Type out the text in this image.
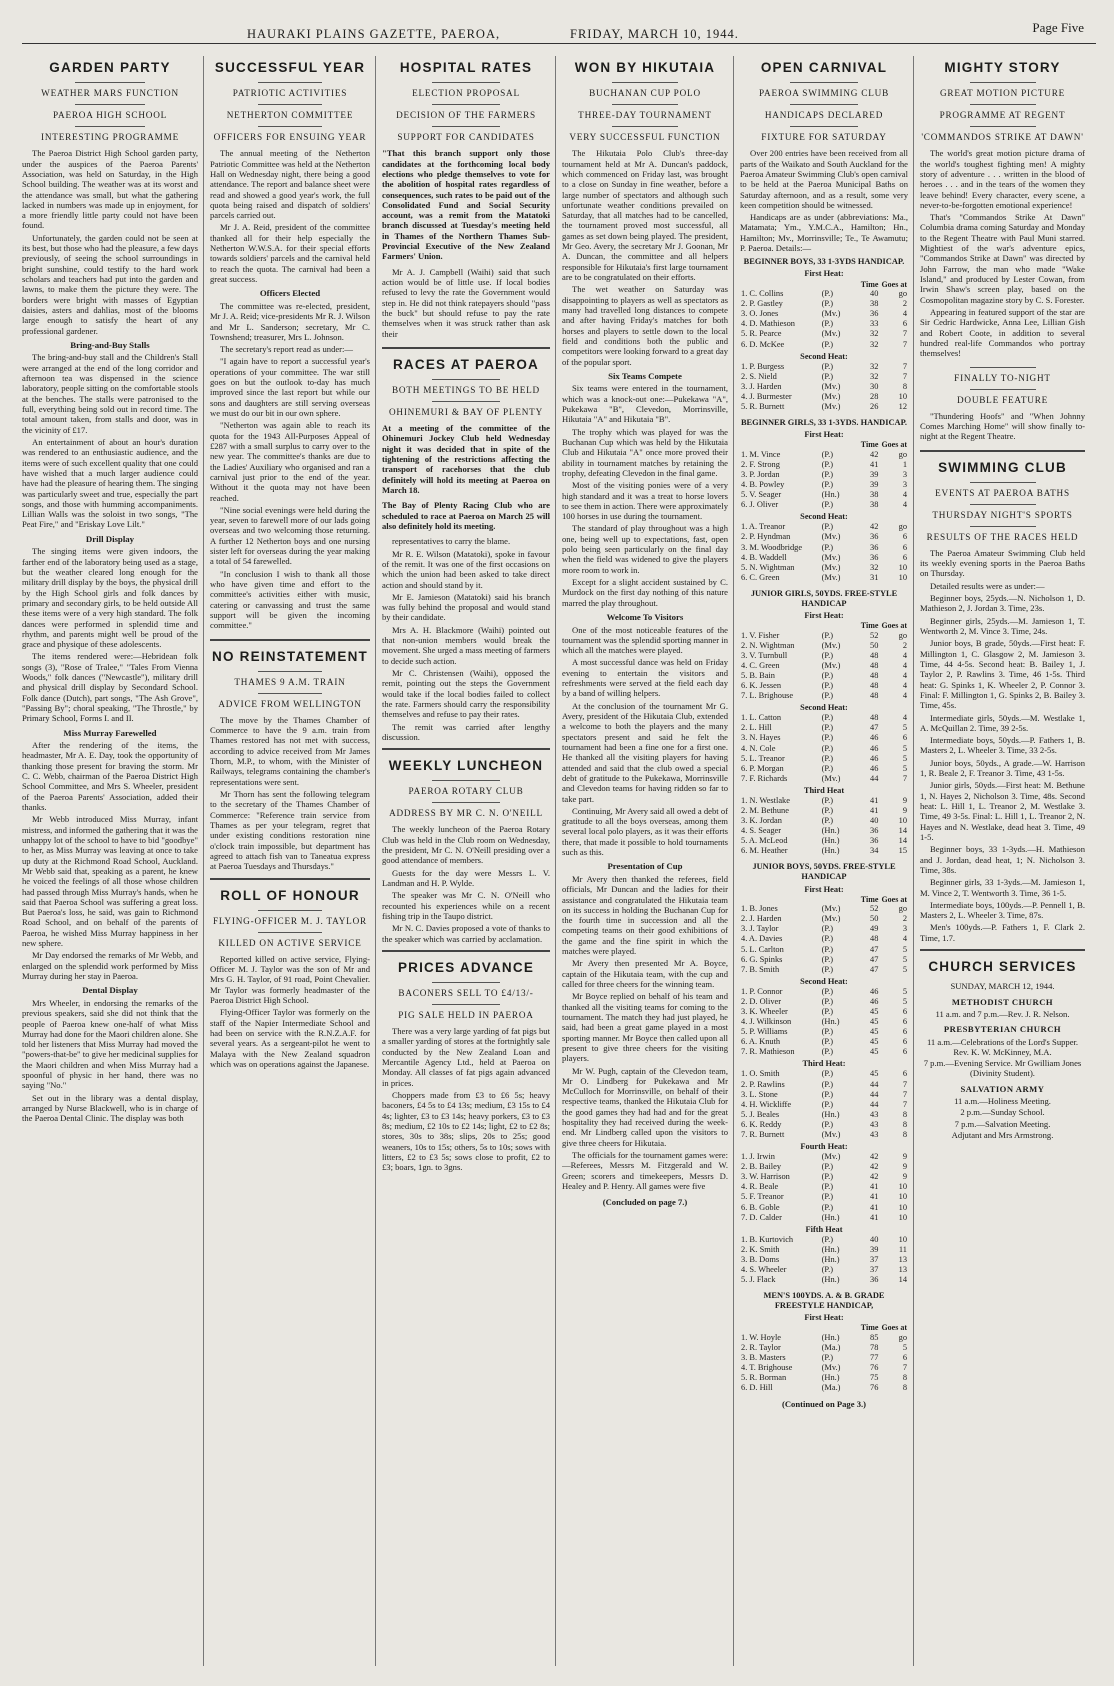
HAURAKI PLAINS GAZETTE, PAEROA,	FRIDAY, MARCH 10, 1944.	Page Five
GARDEN PARTY
WEATHER MARS FUNCTION
PAEROA HIGH SCHOOL
INTERESTING PROGRAMME

The Paeroa District High School garden party, under the auspices of the Paeroa Parents' Association, was held on Saturday, in the High School building. The weather was at its worst and the attendance was small, but what the gathering lacked in numbers was made up in enjoyment, for a more friendly little party could not have been found.

Unfortunately, the garden could not be seen at its best, but those who had the pleasure, a few days previously, of seeing the school surroundings in bright sunshine, could testify to the hard work scholars and teachers had put into the garden and lawns, to make them the picture they were. The borders were bright with masses of Egyptian daisies, asters and dahlias, most of the blooms large enough to satisfy the heart of any professional gardener.

Bring-and-Buy Stalls

The bring-and-buy stall and the Children's Stall were arranged at the end of the long corridor and afternoon tea was dispensed in the science laboratory, people sitting on the comfortable stools at the benches. The stalls were patronised to the full, everything being sold out in record time. The total amount taken, from stalls and door, was in the vicinity of £17.

An entertainment of about an hour's duration was rendered to an enthusiastic audience, and the items were of such excellent quality that one could have wished that a much larger audience could have had the pleasure of hearing them. The singing was particularly sweet and true, especially the part songs, and those with humming accompaniments. Lillian Walls was the soloist in two songs, "The Peat Fire," and "Eriskay Love Lilt."

Drill Display

The singing items were given indoors, the farther end of the laboratory being used as a stage, but the weather cleared long enough for the military drill display by the boys, the physical drill by the High School girls and folk dances by primary and secondary girls, to be held outside All these items were of a very high standard. The folk dances were performed in splendid time and rhythm, and parents might well be proud of the grace and physique of these adolescents.

The items rendered were:—Hebridean folk songs (3), "Rose of Tralee," "Tales From Vienna Woods," folk dances ("Newcastle"), military drill and physical drill display by Secondard School. Folk dance (Dutch), part songs, "The Ash Grove", "Passing By"; choral speaking, "The Throstle," by Primary School, Forms I. and II.

Miss Murray Farewelled

After the rendering of the items, the headmaster, Mr A. E. Day, took the opportunity of thanking those present for braving the storm. Mr C. C. Webb, chairman of the Paeroa District High School Committee, and Mrs S. Wheeler, president of the Paeroa Parents' Association, added their thanks.

Mr Webb introduced Miss Murray, infant mistress, and informed the gathering that it was the unhappy lot of the school to have to bid "goodbye" to her, as Miss Murray was leaving at once to take up duty at the Richmond Road School, Auckland. Mr Webb said that, speaking as a parent, he knew he voiced the feelings of all those whose children had passed through Miss Murray's hands, when he said that Paeroa School was suffering a great loss. But Paeroa's loss, he said, was gain to Richmond Road School, and on behalf of the parents of Paeroa, he wished Miss Murray happiness in her new sphere.

Mr Day endorsed the remarks of Mr Webb, and enlarged on the splendid work performed by Miss Murray during her stay in Paeroa.

Dental Display

Mrs Wheeler, in endorsing the remarks of the previous speakers, said she did not think that the people of Paeroa knew one-half of what Miss Murray had done for the Maori children alone. She told her listeners that Miss Murray had moved the "powers-that-be" to give her medicinal supplies for the Maori children and when Miss Murray had a spoonful of physic in her hand, there was no saying "No."

Set out in the library was a dental display, arranged by Nurse Blackwell, who is in charge of the Paeroa Dental Clinic. The display was both

SUCCESSFUL YEAR
PATRIOTIC ACTIVITIES
NETHERTON COMMITTEE
OFFICERS FOR ENSUING YEAR

The annual meeting of the Netherton Patriotic Committee was held at the Netherton Hall on Wednesday night, there being a good attendance. The report and balance sheet were read and showed a good year's work, the full quota being raised and dispatch of soldiers' parcels carried out.

Mr J. A. Reid, president of the committee thanked all for their help especially the Netherton W.W.S.A. for their special efforts towards soldiers' parcels and the carnival held to reach the quota. The carnival had been a great success.

Officers Elected

The committee was re-elected, president, Mr J. A. Reid; vice-presidents Mr R. J. Wilson and Mr L. Sanderson; secretary, Mr C. Townshend; treasurer, Mrs L. Johnson.

The secretary's report read as under:—

"I again have to report a successful year's operations of your committee. The war still goes on but the outlook to-day has much improved since the last report but while our sons and daughters are still serving overseas we must do our bit in our own sphere.

"Netherton was again able to reach its quota for the 1943 All-Purposes Appeal of £287 with a small surplus to carry over to the new year. The committee's thanks are due to the Ladies' Auxiliary who organised and ran a carnival just prior to the end of the year. Without it the quota may not have been reached.

"Nine social evenings were held during the year, seven to farewell more of our lads going overseas and two welcoming those returning. A further 12 Netherton boys and one nursing sister left for overseas during the year making a total of 54 farewelled.

"In conclusion I wish to thank all those who have given time and effort to the committee's activities either with music, catering or canvassing and trust the same support will be given the incoming committee."

NO REINSTATEMENT
THAMES 9 A.M. TRAIN
ADVICE FROM WELLINGTON

The move by the Thames Chamber of Commerce to have the 9 a.m. train from Thames restored has not met with success, according to advice received from Mr James Thorn, M.P., to whom, with the Minister of Railways, telegrams containing the chamber's representations were sent.

Mr Thorn has sent the following telegram to the secretary of the Thames Chamber of Commerce: "Reference train service from Thames as per your telegram, regret that under existing conditions restoration nine o'clock train impossible, but department has agreed to attach fish van to Taneatua express at Paeroa Tuesdays and Thursdays."

ROLL OF HONOUR
FLYING-OFFICER M. J. TAYLOR
KILLED ON ACTIVE SERVICE

Reported killed on active service, Flying-Officer M. J. Taylor was the son of Mr and Mrs G. H. Taylor, of 91 road, Point Chevalier. Mr Taylor was formerly headmaster of the Paeroa District High School.

Flying-Officer Taylor was formerly on the staff of the Napier Intermediate School and had been on service with the R.N.Z.A.F. for several years. As a sergeant-pilot he went to Malaya with the New Zealand squadron which was on operations against the Japanese.

HOSPITAL RATES
ELECTION PROPOSAL
DECISION OF THE FARMERS
SUPPORT FOR CANDIDATES

"That this branch support only those candidates at the forthcoming local body elections who pledge themselves to vote for the abolition of hospital rates regardless of consequences, such rates to be paid out of the Consolidated Fund and Social Security account, was a remit from the Matatoki branch discussed at Tuesday's meeting held in Thames of the Northern Thames Sub-Provincial Executive of the New Zealand Farmers' Union.

Mr A. J. Campbell (Waihi) said that such action would be of little use. If local bodies refused to levy the rate the Government would step in. He did not think ratepayers should "pass the buck" but should refuse to pay the rate themselves when it was struck rather than ask their

RACES AT PAEROA
BOTH MEETINGS TO BE HELD
OHINEMURI & BAY OF PLENTY

At a meeting of the committee of the Ohinemuri Jockey Club held Wednesday night it was decided that in spite of the tightening of the restrictions affecting the transport of racehorses that the club definitely will hold its meeting at Paeroa on March 18.

The Bay of Plenty Racing Club who are scheduled to race at Paeroa on March 25 will also definitely hold its meeting.

representatives to carry the blame.

Mr R. E. Wilson (Matatoki), spoke in favour of the remit. It was one of the first occasions on which the union had been asked to take direct action and should stand by it.

Mr E. Jamieson (Matatoki) said his branch was fully behind the proposal and would stand by their candidate.

Mrs A. H. Blackmore (Waihi) pointed out that non-union members would break the movement. She urged a mass meeting of farmers to decide such action.

Mr C. Christensen (Waihi), opposed the remit, pointing out the steps the Government would take if the local bodies failed to collect the rate. Farmers should carry the responsibility themselves and refuse to pay their rates.

The remit was carried after lengthy discussion.

WEEKLY LUNCHEON
PAEROA ROTARY CLUB
ADDRESS BY MR C. N. O'NEILL

The weekly luncheon of the Paeroa Rotary Club was held in the Club room on Wednesday, the president, Mr C. N. O'Neill presiding over a good attendance of members.

Guests for the day were Messrs L. V. Landman and H. P. Wylde.

The speaker was Mr C. N. O'Neill who recounted his experiences while on a recent fishing trip in the Taupo district.

Mr N. C. Davies proposed a vote of thanks to the speaker which was carried by acclamation.

PRICES ADVANCE
BACONERS SELL TO £4/13/-
PIG SALE HELD IN PAEROA

There was a very large yarding of fat pigs but a smaller yarding of stores at the fortnightly sale conducted by the New Zealand Loan and Mercantile Agency Ltd., held at Paeroa on Monday. All classes of fat pigs again advanced in prices.

Choppers made from £3 to £6 5s; heavy baconers, £4 5s to £4 13s; medium, £3 15s to £4 4s; lighter, £3 to £3 14s; heavy porkers, £3 to £3 8s; medium, £2 10s to £2 14s; light, £2 to £2 8s; stores, 30s to 38s; slips, 20s to 25s; good weaners, 10s to 15s; others, 5s to 10s; sows with litters, £2 to £3 5s; sows close to profit, £2 to £3; boars, 1gn. to 3gns.

WON BY HIKUTAIA
BUCHANAN CUP POLO
THREE-DAY TOURNAMENT
VERY SUCCESSFUL FUNCTION

The Hikutaia Polo Club's three-day tournament held at Mr A. Duncan's paddock, which commenced on Friday last, was brought to a close on Sunday in fine weather, before a large number of spectators and although such unfortunate weather conditions prevailed on Saturday, that all matches had to be cancelled, the tournament proved most successful, all games as set down being played. The president, Mr Geo. Avery, the secretary Mr J. Goonan, Mr A. Duncan, the committee and all helpers responsible for Hikutaia's first large tournament are to be congratulated on their efforts.

The wet weather on Saturday was disappointing to players as well as spectators as many had travelled long distances to compete and after having Friday's matches for both horses and players to settle down to the local field and conditions both the public and competitors were looking forward to a great day of the popular sport.

Six Teams Compete

Six teams were entered in the tournament, which was a knock-out one:—Pukekawa "A", Pukekawa "B", Clevedon, Morrinsville, Hikutaia "A" and Hikutaia "B".

The trophy which was played for was the Buchanan Cup which was held by the Hikutaia Club and Hikutaia "A" once more proved their ability in tournament matches by retaining the trophy, defeating Clevedon in the final game.

Most of the visiting ponies were of a very high standard and it was a treat to horse lovers to see them in action. There were approximately 100 horses in use during the tournament.

The standard of play throughout was a high one, being well up to expectations, fast, open polo being seen particularly on the final day when the field was widened to give the players more room to work in.

Except for a slight accident sustained by C. Murdock on the first day nothing of this nature marred the play throughout.

Welcome To Visitors

One of the most noticeable features of the tournament was the splendid sporting manner in which all the matches were played.

A most successful dance was held on Friday evening to entertain the visitors and refreshments were served at the field each day by a band of willing helpers.

At the conclusion of the tournament Mr G. Avery, president of the Hikutaia Club, extended a welcome to both the players and the many spectators present and said he felt the tournament had been a fine one for a first one. He thanked all the visiting players for having attended and said that the club owed a special debt of gratitude to the Pukekawa, Morrinsville and Clevedon teams for having ridden so far to take part.

Continuing, Mr Avery said all owed a debt of gratitude to all the boys overseas, among them several local polo players, as it was their efforts there, that made it possible to hold tournaments such as this.

Presentation of Cup

Mr Avery then thanked the referees, field officials, Mr Duncan and the ladies for their assistance and congratulated the Hikutaia team on its success in holding the Buchanan Cup for the fourth time in succession and all the competing teams on their good exhibitions of the game and the fine spirit in which the matches were played.

Mr Avery then presented Mr A. Boyce, captain of the Hikutaia team, with the cup and called for three cheers for the winning team.

Mr Boyce replied on behalf of his team and thanked all the visiting teams for coming to the tournament. The match they had just played, he said, had been a great game played in a most sporting manner. Mr Boyce then called upon all present to give three cheers for the visiting players.

Mr W. Pugh, captain of the Clevedon team, Mr O. Lindberg for Pukekawa and Mr McCulloch for Morrinsville, on behalf of their respective teams, thanked the Hikutaia Club for the good games they had had and for the great hospitality they had received during the week-end. Mr Lindberg called upon the visitors to give three cheers for Hikutaia.

The officials for the tournament games were:—Referees, Messrs M. Fitzgerald and W. Green; scorers and timekeepers, Messrs D. Healey and P. Henry. All games were five

(Concluded on page 7.)
OPEN CARNIVAL
PAEROA SWIMMING CLUB
HANDICAPS DECLARED
FIXTURE FOR SATURDAY

Over 200 entries have been received from all parts of the Waikato and South Auckland for the Paeroa Amateur Swimming Club's open carnival to be held at the Paeroa Municipal Baths on Saturday afternoon, and as a result, some very keen competition should be witnessed.

Handicaps are as under (abbreviations: Ma., Matamata; Ym., Y.M.C.A., Hamilton; Hn., Hamilton; Mv., Morrinsville; Te., Te Awamutu; P. Paeroa. Details:—

BEGINNER BOYS, 33 1-3YDS HANDICAP.
First Heat:
		Time	Goes at
1. C. Collins	(P.)	40	go
2. P. Gastley	(P.)	38	2
3. O. Jones	(Mv.)	36	4
4. D. Mathieson	(P.)	33	6
5. R. Pearce	(Mv.)	32	7
6. D. McKee	(P.)	32	7
Second Heat:
1. P. Burgess	(P.)	32	7
2. S. Nield	(P.)	32	7
3. J. Harden	(Mv.)	30	8
4. J. Burmester	(Mv.)	28	10
5. R. Burnett	(Mv.)	26	12
BEGINNER GIRLS, 33 1-3YDS. HANDICAP.
First Heat:
		Time	Goes at
1. M. Vince	(P.)	42	go
2. F. Strong	(P.)	41	1
3. P. Jordan	(P.)	39	3
4. B. Powley	(P.)	39	3
5. V. Seager	(Hn.)	38	4
6. J. Oliver	(P.)	38	4
Second Heat:
1. A. Treanor	(P.)	42	go
2. P. Hyndman	(Mv.)	36	6
3. M. Woodbridge	(P.)	36	6
4. B. Waddell	(Mv.)	36	6
5. N. Wightman	(Mv.)	32	10
6. C. Green	(Mv.)	31	10
JUNIOR GIRLS, 50YDS. FREE-STYLE HANDICAP
First Heat:
		Time	Goes at
1. V. Fisher	(P.)	52	go
2. N. Wightman	(Mv.)	50	2
3. V. Turnbull	(P.)	48	4
4. C. Green	(Mv.)	48	4
5. B. Bain	(P.)	48	4
6. K. Jessen	(P.)	48	4
7. L. Brighouse	(P.)	48	4
Second Heat:
1. L. Catton	(P.)	48	4
2. L. Hill	(P.)	47	5
3. N. Hayes	(P.)	46	6
4. N. Cole	(P.)	46	5
5. L. Treanor	(P.)	46	5
6. P. Morgan	(P.)	46	5
7. F. Richards	(Mv.)	44	7
Third Heat
1. N. Westlake	(P.)	41	9
2. M. Bethune	(P.)	41	9
3. K. Jordan	(P.)	40	10
4. S. Seager	(Hn.)	36	14
5. A. McLeod	(Hn.)	36	14
6. M. Heather	(Hn.)	34	15
JUNIOR BOYS, 50YDS. FREE-STYLE HANDICAP
First Heat:
		Time	Goes at
1. B. Jones	(Mv.)	52	go
2. J. Harden	(Mv.)	50	2
3. J. Taylor	(P.)	49	3
4. A. Davies	(P.)	48	4
5. L. Carlton	(P.)	47	5
6. G. Spinks	(P.)	47	5
7. B. Smith	(P.)	47	5
Second Heat:
1. P. Connor	(P.)	46	5
2. D. Oliver	(P.)	46	5
3. K. Wheeler	(P.)	45	6
4. J. Wilkinson	(Hn.)	45	6
5. P. Williams	(P.)	45	6
6. A. Knuth	(P.)	45	6
7. R. Mathieson	(P.)	45	6
Third Heat:
1. O. Smith	(P.)	45	6
2. P. Rawlins	(P.)	44	7
3. L. Stone	(P.)	44	7
4. H. Wickliffe	(P.)	44	7
5. J. Beales	(Hn.)	43	8
6. K. Reddy	(P.)	43	8
7. R. Burnett	(Mv.)	43	8
Fourth Heat:
1. J. Irwin	(Mv.)	42	9
2. B. Bailey	(P.)	42	9
3. W. Harrison	(P.)	42	9
4. R. Beale	(P.)	41	10
5. F. Treanor	(P.)	41	10
6. B. Goble	(P.)	41	10
7. D. Calder	(Hn.)	41	10
Fifth Heat
1. B. Kurtovich	(P.)	40	10
2. K. Smith	(Hn.)	39	11
3. B. Doms	(Hn.)	37	13
4. S. Wheeler	(P.)	37	13
5. J. Flack	(Hn.)	36	14
MEN'S 100YDS. A. & B. GRADE FREESTYLE HANDICAP,
First Heat:
		Time	Goes at
1. W. Hoyle	(Hn.)	85	go
2. R. Taylor	(Ma.)	78	5
3. B. Masters	(P.)	77	6
4. T. Brighouse	(Mv.)	76	7
5. R. Borman	(Hn.)	75	8
6. D. Hill	(Ma.)	76	8
(Continued on Page 3.)
MIGHTY STORY
GREAT MOTION PICTURE
PROGRAMME AT REGENT
'COMMANDOS STRIKE AT DAWN'

The world's great motion picture drama of the world's toughest fighting men! A mighty story of adventure . . . written in the blood of heroes . . . and in the tears of the women they leave behind! Every character, every scene, a never-to-be-forgotten emotional experience!

That's "Commandos Strike At Dawn" Columbia drama coming Saturday and Monday to the Regent Theatre with Paul Muni starred. Mightiest of the war's adventure epics, "Commandos Strike at Dawn" was directed by John Farrow, the man who made "Wake Island," and produced by Lester Cowan, from Irwin Shaw's screen play, based on the Cosmopolitan magazine story by C. S. Forester.

Appearing in featured support of the star are Sir Cedric Hardwicke, Anna Lee, Lillian Gish and Robert Coote, in addition to several hundred real-life Commandos who portray themselves!

FINALLY TO-NIGHT
DOUBLE FEATURE

"Thundering Hoofs" and "When Johnny Comes Marching Home" will show finally to-night at the Regent Theatre.

SWIMMING CLUB
EVENTS AT PAEROA BATHS
THURSDAY NIGHT'S SPORTS
RESULTS OF THE RACES HELD

The Paeroa Amateur Swimming Club held its weekly evening sports in the Paeroa Baths on Thursday.

Detailed results were as under:—

Beginner boys, 25yds.—N. Nicholson 1, D. Mathieson 2, J. Jordan 3. Time, 23s.

Beginner girls, 25yds.—M. Jamieson 1, T. Wentworth 2, M. Vince 3. Time, 24s.

Junior boys, B grade, 50yds.—First heat: F. Millington 1, C. Glasgow 2, M. Jamieson 3. Time, 44 4-5s. Second heat: B. Bailey 1, J. Taylor 2, P. Rawlins 3. Time, 46 1-5s. Third heat: G. Spinks 1, K. Wheeler 2, P. Connor 3. Final: F. Millington 1, G. Spinks 2, B. Bailey 3. Time, 45s.

Intermediate girls, 50yds.—M. Westlake 1, A. McQuillan 2. Time, 39 2-5s.

Intermediate boys, 50yds.—P. Fathers 1, B. Masters 2, L. Wheeler 3. Time, 33 2-5s.

Junior boys, 50yds., A grade.—W. Harrison 1, R. Beale 2, F. Treanor 3. Time, 43 1-5s.

Junior girls, 50yds.—First heat: M. Bethune 1, N. Hayes 2, Nicholson 3. Time, 48s. Second heat: L. Hill 1, L. Treanor 2, M. Westlake 3. Time, 49 3-5s. Final: L. Hill 1, L. Treanor 2, N. Hayes and N. Westlake, dead heat 3. Time, 49 1-5.

Beginner boys, 33 1-3yds.—H. Mathieson and J. Jordan, dead heat, 1; N. Nicholson 3. Time, 38s.

Beginner girls, 33 1-3yds.—M. Jamieson 1, M. Vince 2, T. Wentworth 3. Time, 36 1-5.

Intermediate boys, 100yds.—P. Pennell 1, B. Masters 2, L. Wheeler 3. Time, 87s.

Men's 100yds.—P. Fathers 1, F. Clark 2. Time, 1.7.

CHURCH SERVICES
SUNDAY, MARCH 12, 1944.
METHODIST CHURCH
11 a.m. and 7 p.m.—Rev. J. R. Nelson.
PRESBYTERIAN CHURCH
11 a.m.—Celebrations of the Lord's Supper. Rev. K. W. McKinney, M.A.
7 p.m.—Evening Service. Mr Gwilliam Jones (Divinity Student).
SALVATION ARMY
11 a.m.—Holiness Meeting.
2 p.m.—Sunday School.
7 p.m.—Salvation Meeting.
Adjutant and Mrs Armstrong.
